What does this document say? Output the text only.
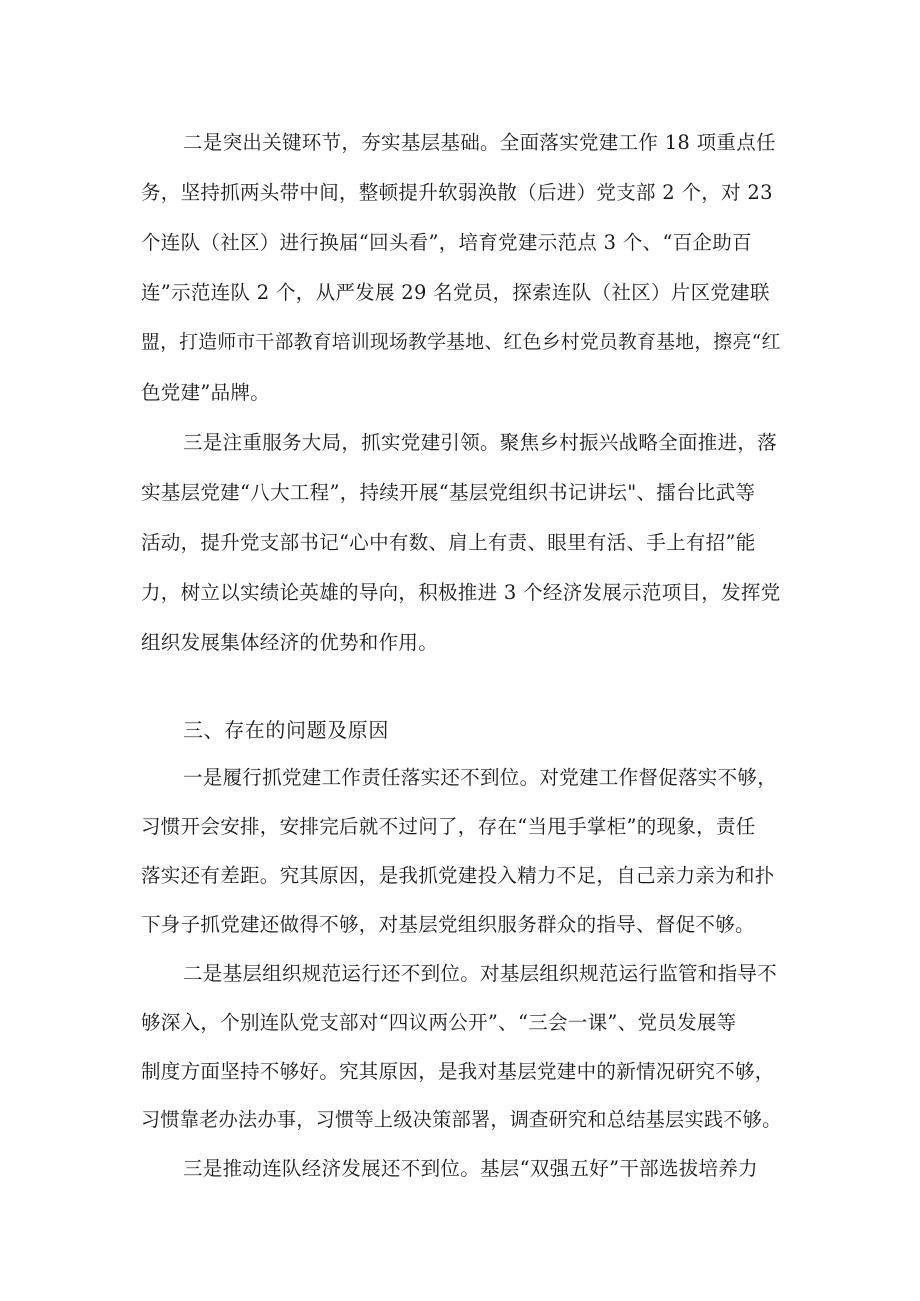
二是突出关键环节，夯实基层基础。全面落实党建工作 18 项重点任
务，坚持抓两头带中间，整顿提升软弱涣散（后进）党支部 2 个，对 23
个连队（社区）进行换届“回头看”，培育党建示范点 3 个、“百企助百
连”示范连队 2 个，从严发展 29 名党员，探索连队（社区）片区党建联
盟，打造师市干部教育培训现场教学基地、红色乡村党员教育基地，擦亮“红
色党建”品牌。
三是注重服务大局，抓实党建引领。聚焦乡村振兴战略全面推进，落
实基层党建“八大工程”，持续开展“基层党组织书记讲坛"、擂台比武等
活动，提升党支部书记“心中有数、肩上有责、眼里有活、手上有招”能
力，树立以实绩论英雄的导向，积极推进 3 个经济发展示范项目，发挥党
组织发展集体经济的优势和作用。
三、存在的问题及原因
一是履行抓党建工作责任落实还不到位。对党建工作督促落实不够，
习惯开会安排，安排完后就不过问了，存在“当甩手掌柜”的现象，责任
落实还有差距。究其原因，是我抓党建投入精力不足，自己亲力亲为和扑
下身子抓党建还做得不够，对基层党组织服务群众的指导、督促不够。
二是基层组织规范运行还不到位。对基层组织规范运行监管和指导不
够深入，个别连队党支部对“四议两公开”、“三会一课”、党员发展等
制度方面坚持不够好。究其原因，是我对基层党建中的新情况研究不够，
习惯靠老办法办事，习惯等上级决策部署，调查研究和总结基层实践不够。
三是推动连队经济发展还不到位。基层“双强五好”干部选拔培养力
